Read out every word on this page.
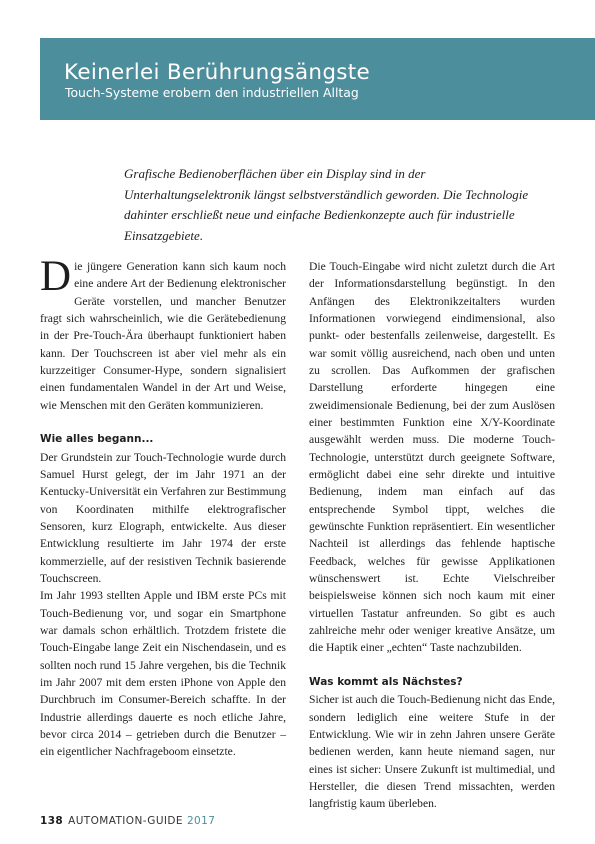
Keinerlei Berührungsängste
Touch-Systeme erobern den industriellen Alltag

Grafische Bedienoberflächen über ein Display sind in der Unterhaltungselektronik längst selbstverständlich geworden. Die Technologie dahinter erschließt neue und einfache Bedienkonzepte auch für industrielle Einsatzgebiete.

Die jüngere Generation kann sich kaum noch eine andere Art der Bedienung elektronischer Geräte vorstellen, und mancher Benutzer fragt sich wahrscheinlich, wie die Gerätebedienung in der Pre-Touch-Ära überhaupt funktioniert haben kann. Der Touchscreen ist aber viel mehr als ein kurzzeitiger Consumer-Hype, sondern signalisiert einen fundamentalen Wandel in der Art und Weise, wie Menschen mit den Geräten kommunizieren.

Wie alles begann...

Der Grundstein zur Touch-Technologie wurde durch Samuel Hurst gelegt, der im Jahr 1971 an der Kentucky-Universität ein Verfahren zur Bestimmung von Koordinaten mithilfe elektrografischer Sensoren, kurz Elograph, entwickelte. Aus dieser Entwicklung resultierte im Jahr 1974 der erste kommerzielle, auf der resistiven Technik basierende Touchscreen.

Im Jahr 1993 stellten Apple und IBM erste PCs mit Touch-Bedienung vor, und sogar ein Smartphone war damals schon erhältlich. Trotzdem fristete die Touch-Eingabe lange Zeit ein Nischendasein, und es sollten noch rund 15 Jahre vergehen, bis die Technik im Jahr 2007 mit dem ersten iPhone von Apple den Durchbruch im Consumer-Bereich schaffte. In der Industrie allerdings dauerte es noch etliche Jahre, bevor circa 2014 – getrieben durch die Benutzer – ein eigentlicher Nachfrageboom einsetzte.

Die Touch-Eingabe wird nicht zuletzt durch die Art der Informationsdarstellung begünstigt. In den Anfängen des Elektronikzeitalters wurden Informationen vorwiegend eindimensional, also punkt- oder bestenfalls zeilenweise, dargestellt. Es war somit völlig ausreichend, nach oben und unten zu scrollen. Das Aufkommen der grafischen Darstellung erforderte hingegen eine zweidimensionale Bedienung, bei der zum Auslösen einer bestimmten Funktion eine X/Y-Koordinate ausgewählt werden muss. Die moderne Touch-Technologie, unterstützt durch geeignete Software, ermöglicht dabei eine sehr direkte und intuitive Bedienung, indem man einfach auf das entsprechende Symbol tippt, welches die gewünschte Funktion repräsentiert. Ein wesentlicher Nachteil ist allerdings das fehlende haptische Feedback, welches für gewisse Applikationen wünschenswert ist. Echte Vielschreiber beispielsweise können sich noch kaum mit einer virtuellen Tastatur anfreunden. So gibt es auch zahlreiche mehr oder weniger kreative Ansätze, um die Haptik einer „echten“ Taste nachzubilden.

Was kommt als Nächstes?

Sicher ist auch die Touch-Bedienung nicht das Ende, sondern lediglich eine weitere Stufe in der Entwicklung. Wie wir in zehn Jahren unsere Geräte bedienen werden, kann heute niemand sagen, nur eines ist sicher: Unsere Zukunft ist multimedial, und Hersteller, die diesen Trend missachten, werden langfristig kaum überleben.

138 AUTOMATION-GUIDE 2017
